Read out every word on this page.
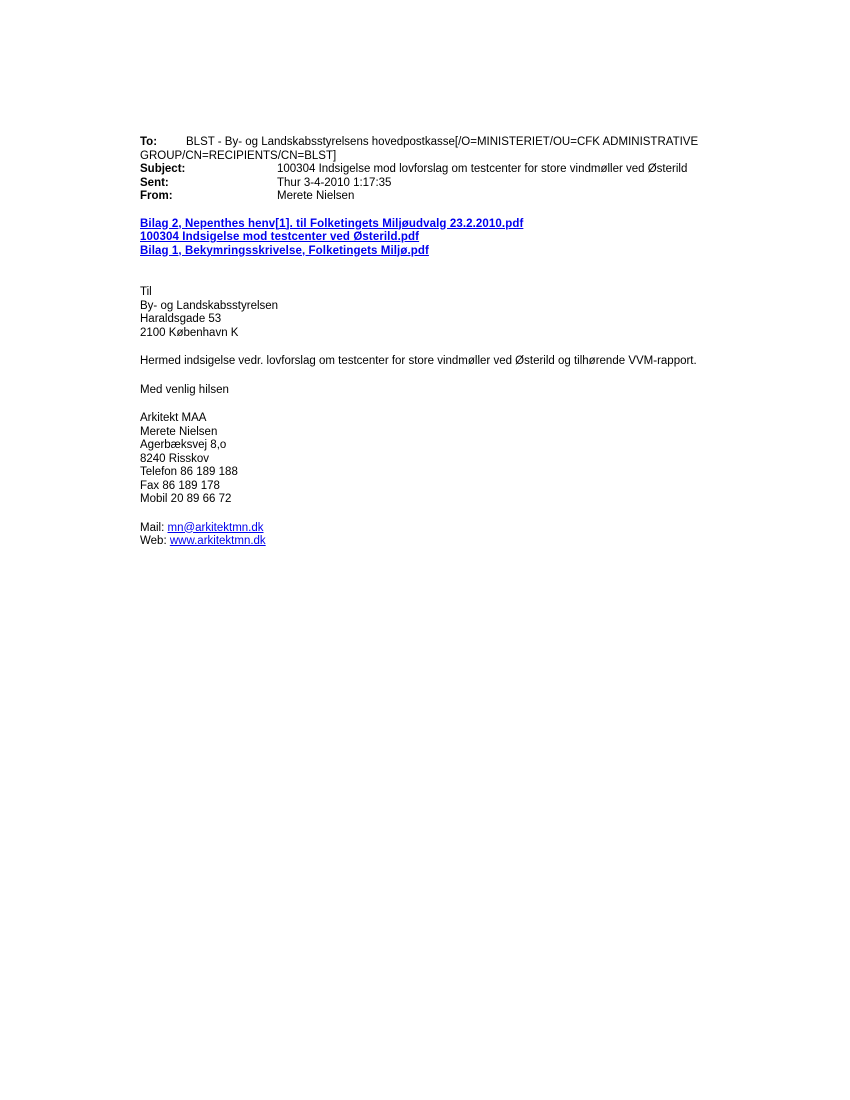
To:	BLST - By- og Landskabsstyrelsens hovedpostkasse[/O=MINISTERIET/OU=CFK ADMINISTRATIVE GROUP/CN=RECIPIENTS/CN=BLST]
Subject:	100304 Indsigelse mod lovforslag om testcenter for store vindmøller ved Østerild
Sent:	Thur 3-4-2010 1:17:35
From:	Merete Nielsen
Bilag 2, Nepenthes henv[1]. til Folketingets Miljøudvalg 23.2.2010.pdf
100304 Indsigelse mod testcenter ved Østerild.pdf
Bilag 1, Bekymringsskrivelse, Folketingets Miljø.pdf
Til
By- og Landskabsstyrelsen
Haraldsgade 53
2100 København K
Hermed indsigelse vedr. lovforslag om testcenter for store vindmøller ved Østerild og tilhørende VVM-rapport.
Med venlig hilsen
Arkitekt MAA
Merete Nielsen
Agerbæksvej 8,o
8240 Risskov
Telefon 86 189 188
Fax 86 189 178
Mobil 20 89 66 72
Mail: mn@arkitektmn.dk
Web: www.arkitektmn.dk
